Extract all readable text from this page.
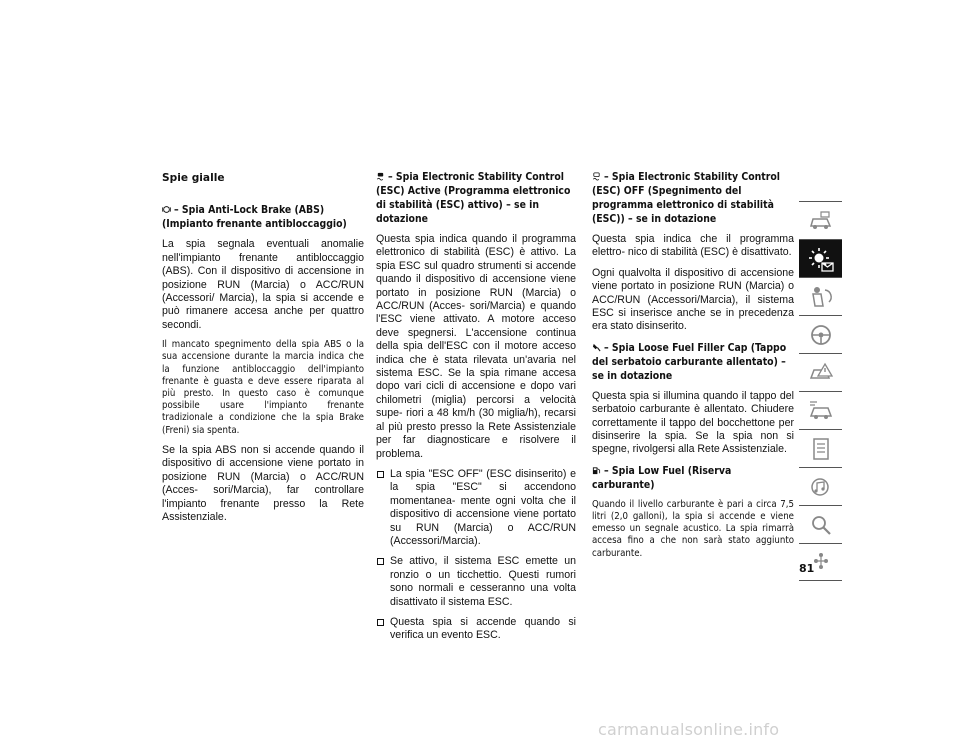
Spie gialle
– Spia Anti-Lock Brake (ABS) (Impianto frenante antibloccaggio)

La spia segnala eventuali anomalie nell'impianto frenante antibloccaggio (ABS). Con il dispositivo di accensione in posizione RUN (Marcia) o ACC/RUN (Accessori/ Marcia), la spia si accende e può rimanere accesa anche per quattro secondi.

Il mancato spegnimento della spia ABS o la sua accensione durante la marcia indica che la funzione antibloccaggio dell'impianto frenante è guasta e deve essere riparata al più presto. In questo caso è comunque possibile usare l'impianto frenante tradizionale a condizione che la spia Brake (Freni) sia spenta.

Se la spia ABS non si accende quando il dispositivo di accensione viene portato in posizione RUN (Marcia) o ACC/RUN (Acces- sori/Marcia), far controllare l'impianto frenante presso la Rete Assistenziale.

– Spia Electronic Stability Control (ESC) Active (Programma elettronico di stabilità (ESC) attivo) – se in dotazione

Questa spia indica quando il programma elettronico di stabilità (ESC) è attivo. La spia ESC sul quadro strumenti si accende quando il dispositivo di accensione viene portato in posizione RUN (Marcia) o ACC/RUN (Acces- sori/Marcia) e quando l'ESC viene attivato. A motore acceso deve spegnersi. L'accensione continua della spia dell'ESC con il motore acceso indica che è stata rilevata un'avaria nel sistema ESC. Se la spia rimane accesa dopo vari cicli di accensione e dopo vari chilometri (miglia) percorsi a velocità supe- riori a 48 km/h (30 miglia/h), recarsi al più presto presso la Rete Assistenziale per far diagnosticare e risolvere il problema.

La spia "ESC OFF" (ESC disinserito) e la spia "ESC" si accendono momentanea- mente ogni volta che il dispositivo di accensione viene portato su RUN (Marcia) o ACC/RUN (Accessori/Marcia).
Se attivo, il sistema ESC emette un ronzio o un ticchettio. Questi rumori sono normali e cesseranno una volta disattivato il sistema ESC.
Questa spia si accende quando si verifica un evento ESC.
– Spia Electronic Stability Control (ESC) OFF (Spegnimento del programma elettronico di stabilità (ESC)) – se in dotazione

Questa spia indica che il programma elettro- nico di stabilità (ESC) è disattivato.

Ogni qualvolta il dispositivo di accensione viene portato in posizione RUN (Marcia) o ACC/RUN (Accessori/Marcia), il sistema ESC si inserisce anche se in precedenza era stato disinserito.

– Spia Loose Fuel Filler Cap (Tappo del serbatoio carburante allentato) – se in dotazione

Questa spia si illumina quando il tappo del serbatoio carburante è allentato. Chiudere correttamente il tappo del bocchettone per disinserire la spia. Se la spia non si spegne, rivolgersi alla Rete Assistenziale.

– Spia Low Fuel (Riserva carburante)

Quando il livello carburante è pari a circa 7,5 litri (2,0 galloni), la spia si accende e viene emesso un segnale acustico. La spia rimarrà accesa fino a che non sarà stato aggiunto carburante.

81
carmanualsonline.info
